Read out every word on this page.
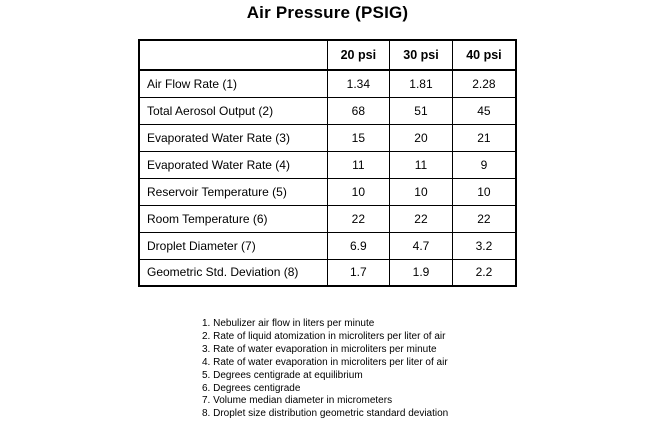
Air Pressure (PSIG)
	20 psi	30 psi	40 psi
Air Flow Rate (1)	1.34	1.81	2.28
Total Aerosol Output (2)	68	51	45
Evaporated Water Rate (3)	15	20	21
Evaporated Water Rate (4)	11	11	9
Reservoir Temperature (5)	10	10	10
Room Temperature (6)	22	22	22
Droplet Diameter (7)	6.9	4.7	3.2
Geometric Std. Deviation (8)	1.7	1.9	2.2
1. Nebulizer air flow in liters per minute
2. Rate of liquid atomization in microliters per liter of air
3. Rate of water evaporation in microliters per minute
4. Rate of water evaporation in microliters per liter of air
5. Degrees centigrade at equilibrium
6. Degrees centigrade
7. Volume median diameter in micrometers
8. Droplet size distribution geometric standard deviation
